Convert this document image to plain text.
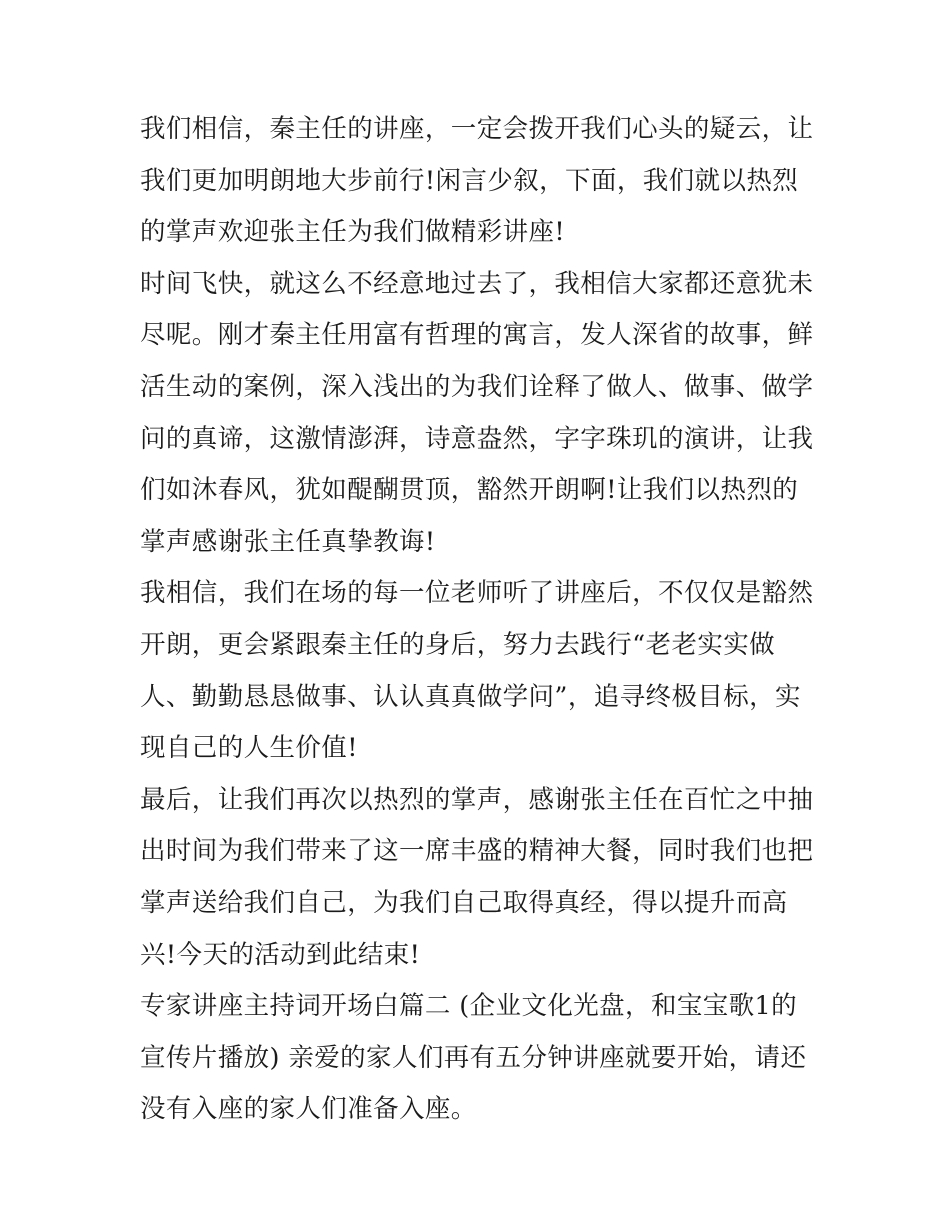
我们相信，秦主任的讲座，一定会拨开我们心头的疑云，让我们更加明朗地大步前行!闲言少叙，下面，我们就以热烈的掌声欢迎张主任为我们做精彩讲座!

时间飞快，就这么不经意地过去了，我相信大家都还意犹未尽呢。刚才秦主任用富有哲理的寓言，发人深省的故事，鲜活生动的案例，深入浅出的为我们诠释了做人、做事、做学问的真谛，这激情澎湃，诗意盎然，字字珠玑的演讲，让我们如沐春风，犹如醍醐贯顶，豁然开朗啊!让我们以热烈的掌声感谢张主任真挚教诲!

我相信，我们在场的每一位老师听了讲座后，不仅仅是豁然开朗，更会紧跟秦主任的身后，努力去践行“老老实实做人、勤勤恳恳做事、认认真真做学问”，追寻终极目标，实现自己的人生价值!

最后，让我们再次以热烈的掌声，感谢张主任在百忙之中抽出时间为我们带来了这一席丰盛的精神大餐，同时我们也把掌声送给我们自己，为我们自己取得真经，得以提升而高兴!今天的活动到此结束!

专家讲座主持词开场白篇二 (企业文化光盘，和宝宝歌1的宣传片播放) 亲爱的家人们再有五分钟讲座就要开始，请还没有入座的家人们准备入座。
